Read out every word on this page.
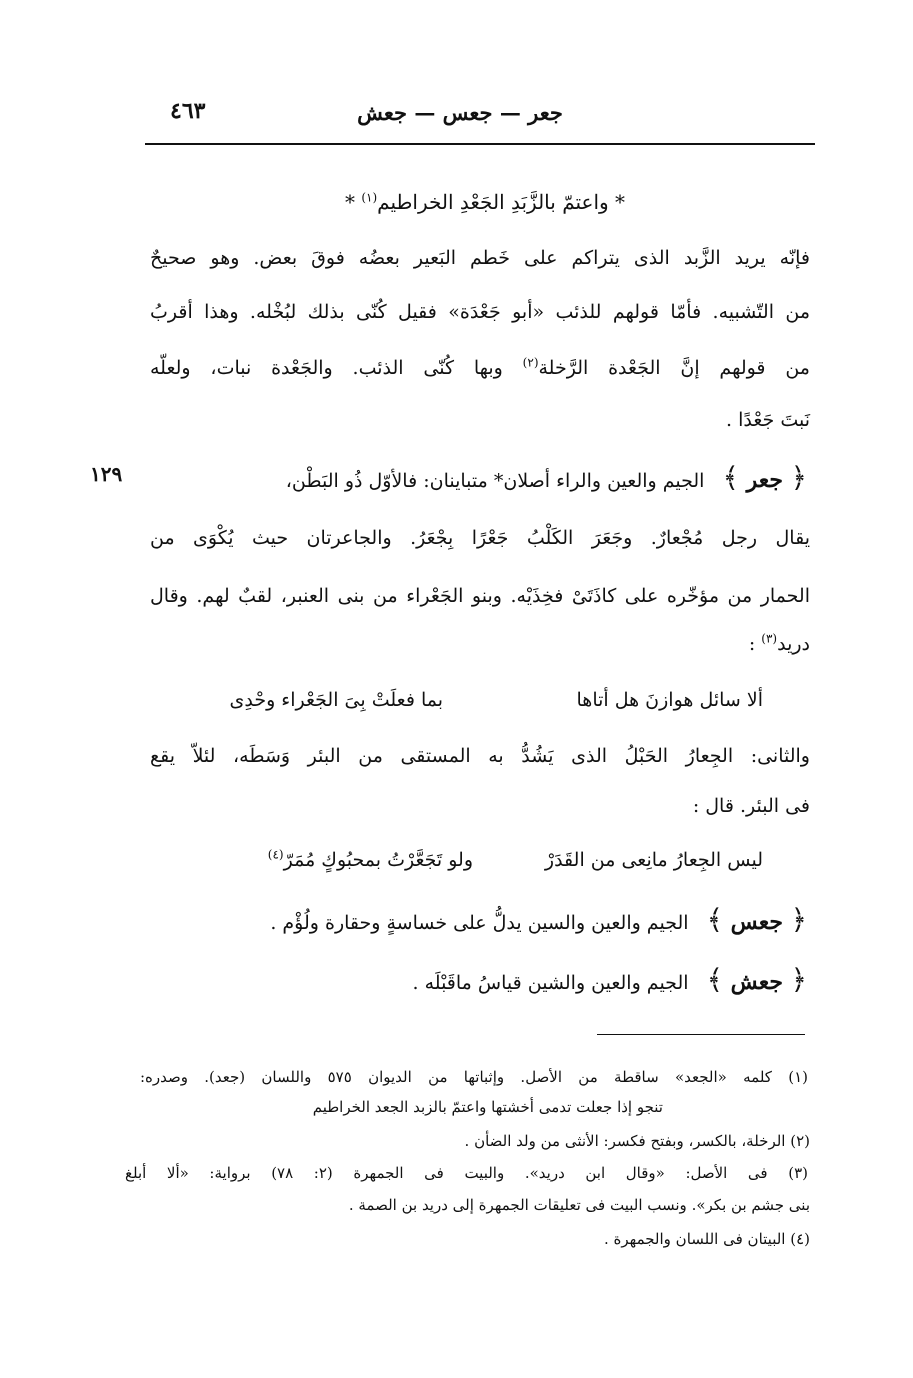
جعر — جعس — جعش
٤٦٣
* واعتمّ بالزَّبَدِ الجَعْدِ الخراطيم$^{(١)}$ *
فإنّه يريد الزَّبد الذى يتراكم على خَطم البَعير بعضُه فوقَ بعض. وهو صحيحٌ
من التّشبيه. فأمّا قولهم للذئب «أبو جَعْدَة» فقيل كُنّى بذلك لبُخْله. وهذا أقربُ
من قولهم إنَّ الجَعْدة الرَّخلة$^{(٢)}$ وبها كُنّى الذئب. والجَعْدة نبات، ولعلّه
نَبتَ جَعْدًا .
﴿ جعر ﴾ الجيم والعين والراء أصلان* متباينان: فالأوّل ذُو البَطْن،
١٢٩
يقال رجل مُجْعارٌ. وجَعَرَ الكَلْبُ جَعْرًا بِجْعَرُ. والجاعرتان حيث يُكْوَى من
الحمار من مؤخّره على كاذَتَىْ فخِذَيْه. وبنو الجَعْراء من بنى العنبر، لقبٌ لهم. وقال
دريد$^{(٣)}$ :
ألا سائل هوازنَ هل أتاها
بما فعلَتْ بِىَ الجَعْراء وحْدِى
والثانى: الجِعارُ الحَبْلُ الذى يَشُدُّ به المستقى من البئر وَسَطَه، لئلاّ يقع
فى البئر. قال :
ليس الجِعارُ مانِعى من القَدَرْ
ولو تَجَعَّرْتُ بمحبُوكٍ مُمَرّ$^{(٤)}$
﴿ جعس ﴾ الجيم والعين والسين يدلُّ على خساسةٍ وحقارة ولُؤْم .
﴿ جعش ﴾ الجيم والعين والشين قياسُ ماقَبْلَه .
(١) كلمه «الجعد» ساقطة من الأصل. وإثباتها من الديوان ٥٧٥ واللسان (جعد). وصدره:
تنجو إذا جعلت تدمى أخشتها واعتمّ بالزبد الجعد الخراطيم
(٢) الرخلة، بالكسر، وبفتح فكسر: الأنثى من ولد الضأن .
(٣) فى الأصل: «وقال ابن دريد». والبيت فى الجمهرة (٢: ٧٨) برواية: «ألا أبلغ
بنى جشم بن بكر». ونسب البيت فى تعليقات الجمهرة إلى دريد بن الصمة .
(٤) البيتان فى اللسان والجمهرة .
